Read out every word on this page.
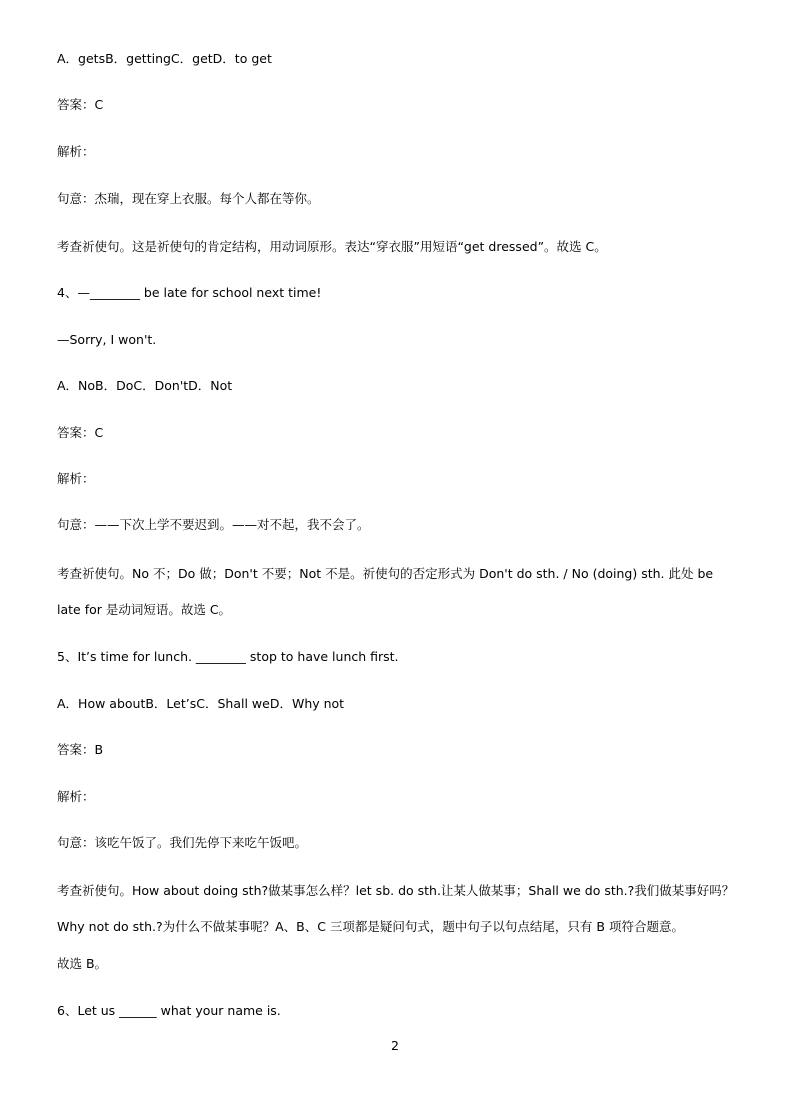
A．getsB．gettingC．getD．to get
答案：C
解析：
句意：杰瑞，现在穿上衣服。每个人都在等你。
考查祈使句。这是祈使句的肯定结构，用动词原形。表达“穿衣服”用短语“get dressed”。故选 C。
4、—________ be late for school next time!
—Sorry, I won't.
A．NoB．DoC．Don'tD．Not
答案：C
解析：
句意：——下次上学不要迟到。——对不起，我不会了。
考查祈使句。No 不；Do 做；Don't 不要；Not 不是。祈使句的否定形式为 Don't do sth. / No (doing) sth. 此处 be
late for 是动词短语。故选 C。
5、It’s time for lunch. ________ stop to have lunch first.
A．How aboutB．Let’sC．Shall weD．Why not
答案：B
解析：
句意：该吃午饭了。我们先停下来吃午饭吧。
考查祈使句。How about doing sth?做某事怎么样？let sb. do sth.让某人做某事；Shall we do sth.?我们做某事好吗？
Why not do sth.?为什么不做某事呢？A、B、C 三项都是疑问句式，题中句子以句点结尾，只有 B 项符合题意。
故选 B。
6、Let us ______ what your name is.
2
